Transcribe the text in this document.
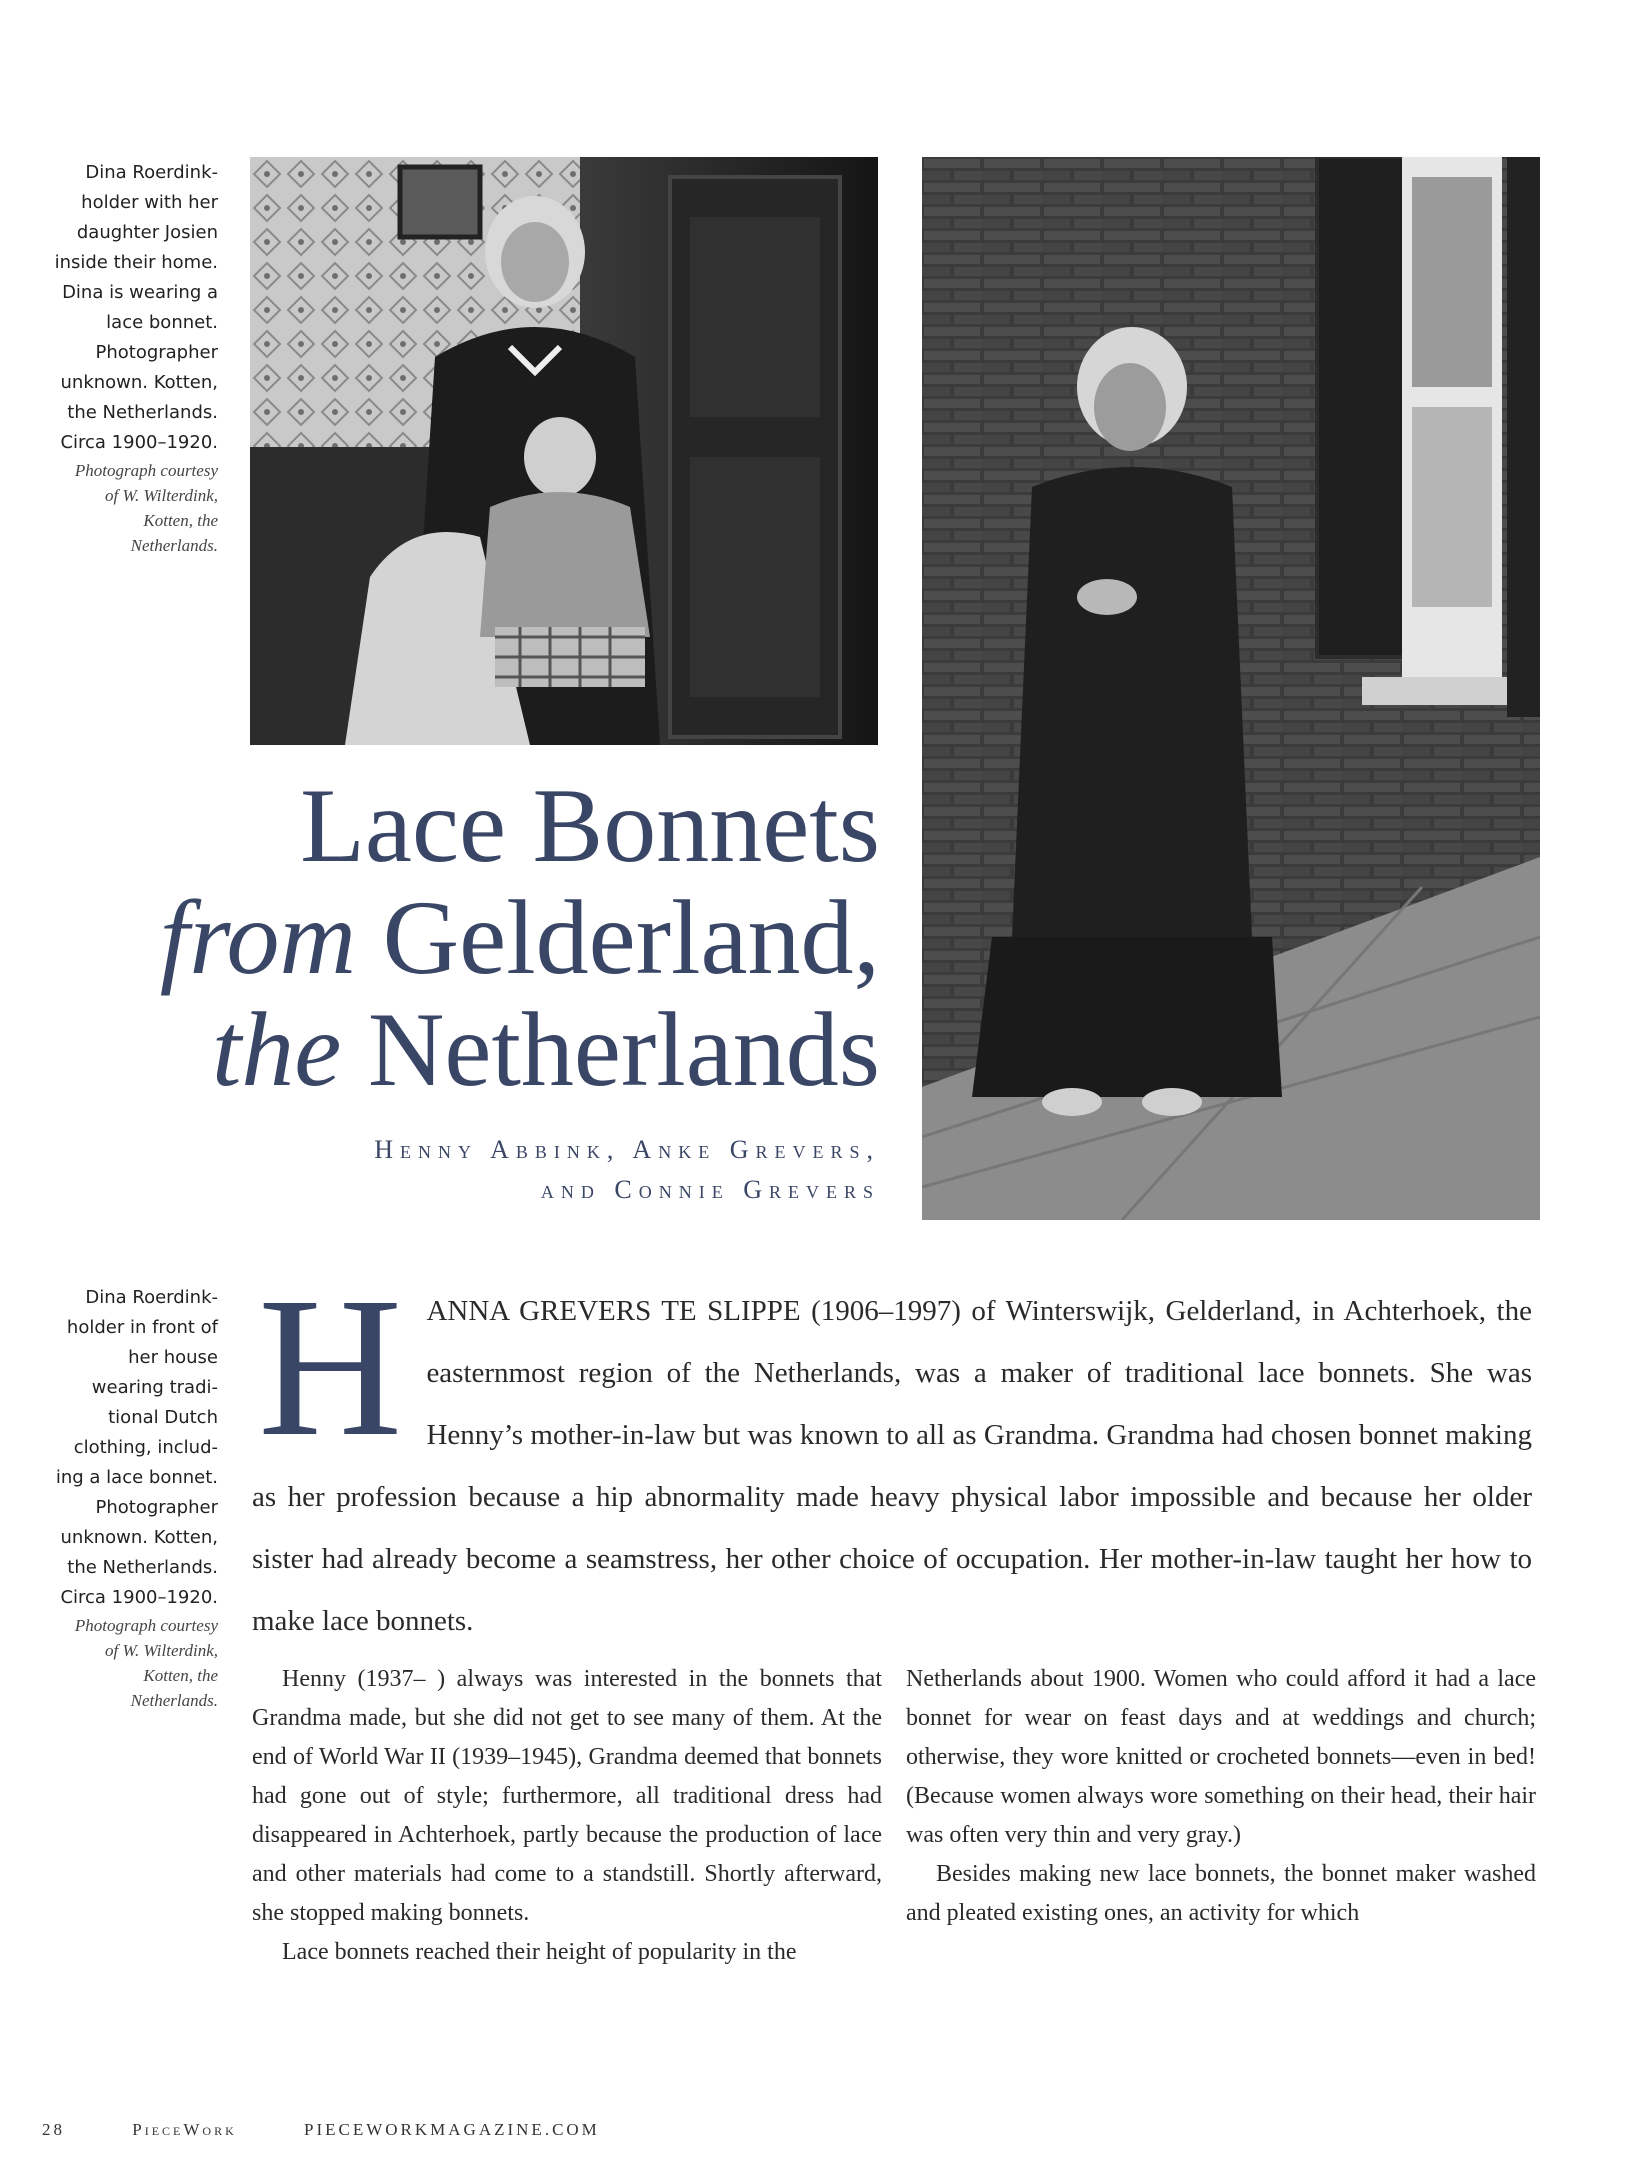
Dina Roerdink-
holder with her
daughter Josien
inside their home.
Dina is wearing a
lace bonnet.
Photographer
unknown. Kotten,
the Netherlands.
Circa 1900–1920.
Photograph courtesy
of W. Wilterdink,
Kotten, the
Netherlands.
Lace Bonnets
from Gelderland,
the Netherlands
Henny Abbink, Anke Grevers,
and Connie Grevers
Dina Roerdink-
holder in front of
her house
wearing tradi-
tional Dutch
clothing, includ-
ing a lace bonnet.
Photographer
unknown. Kotten,
the Netherlands.
Circa 1900–1920.
Photograph courtesy
of W. Wilterdink,
Kotten, the
Netherlands.
HANNA GREVERS TE SLIPPE (1906–1997) of Winterswijk, Gelderland, in Achterhoek, the easternmost region of the Netherlands, was a maker of traditional lace bonnets. She was Henny’s mother-in-law but was known to all as Grandma. Grandma had chosen bonnet making as her profession because a hip abnormality made heavy physical labor impossible and because her older sister had already become a seamstress, her other choice of occupation. Her mother-in-law taught her how to make lace bonnets.

Henny (1937– ) always was interested in the bonnets that Grandma made, but she did not get to see many of them. At the end of World War II (1939–1945), Grandma deemed that bonnets had gone out of style; furthermore, all traditional dress had disappeared in Achterhoek, partly because the production of lace and other materials had come to a standstill. Shortly afterward, she stopped making bonnets.

Lace bonnets reached their height of popularity in the

Netherlands about 1900. Women who could afford it had a lace bonnet for wear on feast days and at weddings and church; otherwise, they wore knitted or crocheted bonnets—even in bed! (Because women always wore something on their head, their hair was often very thin and very gray.)

Besides making new lace bonnets, the bonnet maker washed and pleated existing ones, an activity for which

28	PieceWork	PIECEWORKMAGAZINE.COM
